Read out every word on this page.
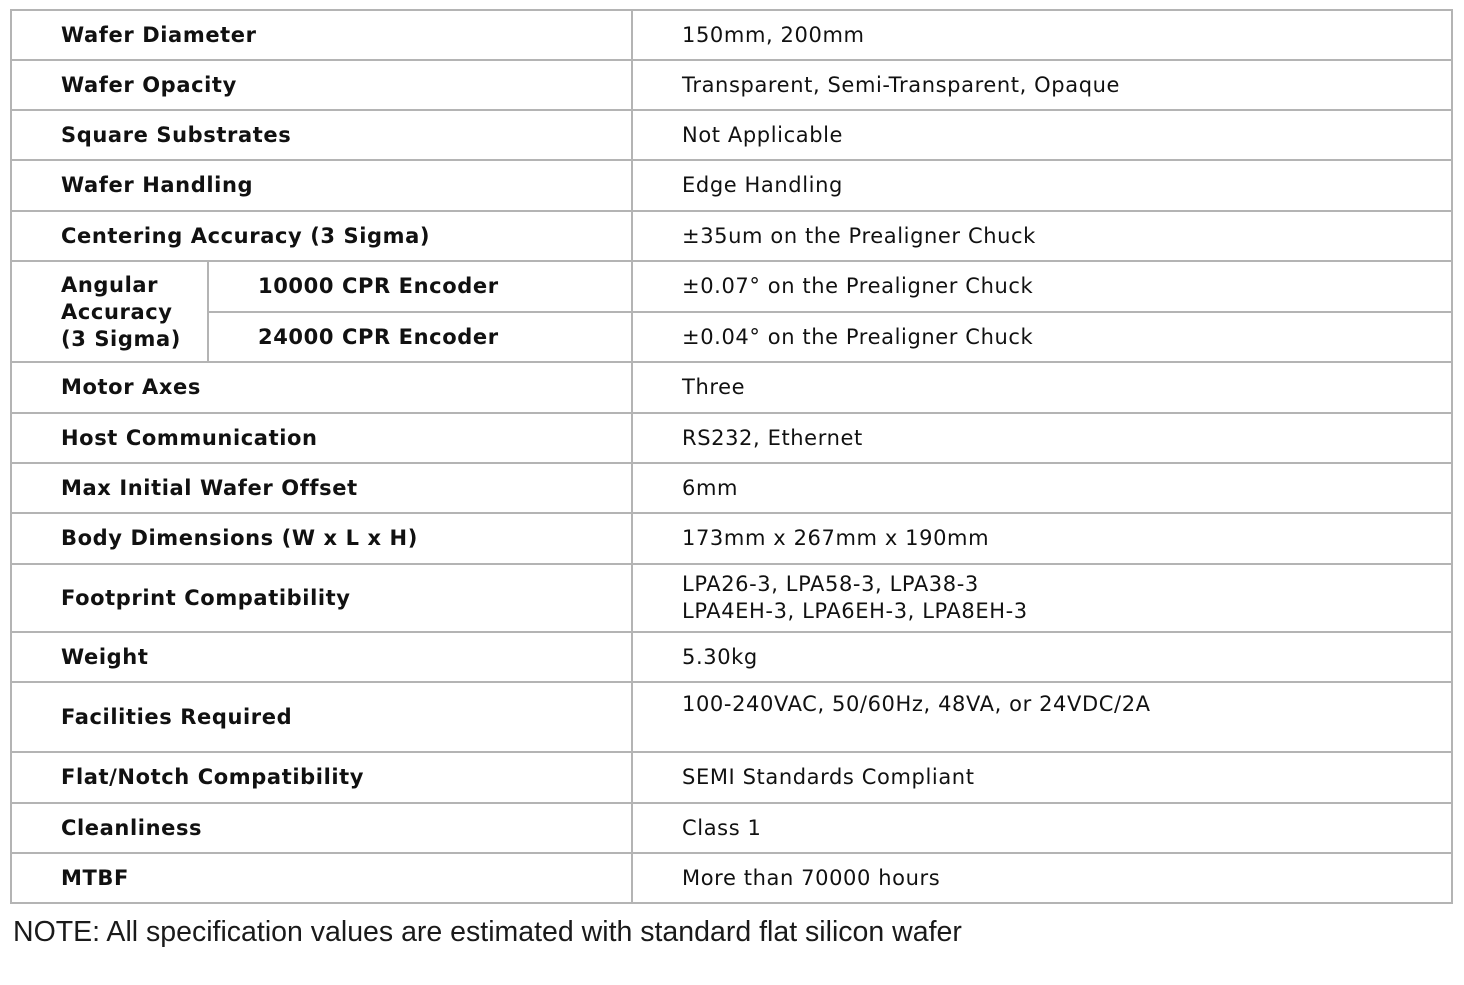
Wafer Diameter		150mm, 200mm
Wafer Opacity		Transparent, Semi-Transparent, Opaque
Square Substrates		Not Applicable
Wafer Handling		Edge Handling
Centering Accuracy (3 Sigma)		±35um on the Prealigner Chuck

Angular
Accuracy
(3 Sigma)	10000 CPR Encoder	±0.07° on the Prealigner Chuck
	24000 CPR Encoder	±0.04° on the Prealigner Chuck
Motor Axes		Three
Host Communication		RS232, Ethernet
Max Initial Wafer Offset		6mm
Body Dimensions (W x L x H)		173mm x 267mm x 190mm
Footprint Compatibility		LPA26-3, LPA58-3, LPA38-3
LPA4EH-3, LPA6EH-3, LPA8EH-3

Weight		5.30kg
Facilities Required		100-240VAC, 50/60Hz, 48VA, or 24VDC/2A
Flat/Notch Compatibility		SEMI Standards Compliant
Cleanliness		Class 1
MTBF		More than 70000 hours
NOTE: All specification values are estimated with standard flat silicon wafer
